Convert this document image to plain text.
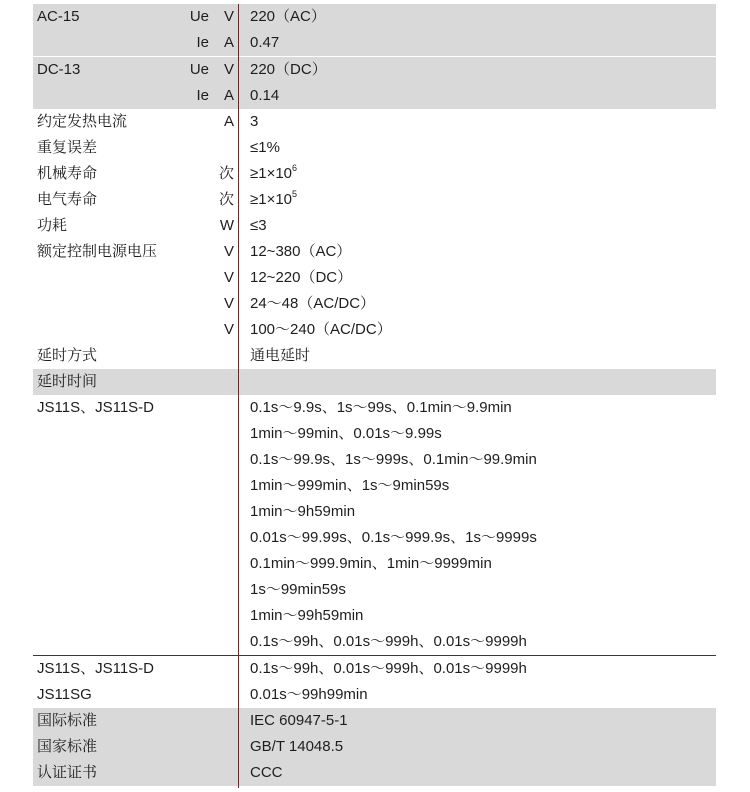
AC-15	Ue V 220（AC）
Ie A 0.47
DC-13	Ue V 220（DC）
Ie A 0.14
约定发热电流	A 3
重复误差	≤1%
机械寿命	次 $\ge 1\times 10^6$
电气寿命	次 $\ge 1\times 10^5$
功耗	W ≤3
额定控制电源电压	V 12~380（AC）
V 12~220（DC）
V 24～48（AC/DC）
V 100～240（AC/DC）
延时方式	通电延时
延时时间
JS11S、JS11S-D	0.1s～9.9s、1s～99s、0.1min～9.9min
1min～99min、0.01s～9.99s
0.1s～99.9s、1s～999s、0.1min～99.9min
1min～999min、1s～9min59s
1min～9h59min
0.01s～99.99s、0.1s～999.9s、1s～9999s
0.1min～999.9min、1min～9999min
1s～99min59s
1min～99h59min
0.1s～99h、0.01s～999h、0.01s～9999h
JS11S、JS11S-D	0.1s～99h、0.01s～999h、0.01s～9999h
JS11SG	0.01s～99h99min
国际标准	IEC 60947-5-1
国家标准	GB/T 14048.5
认证证书	CCC
